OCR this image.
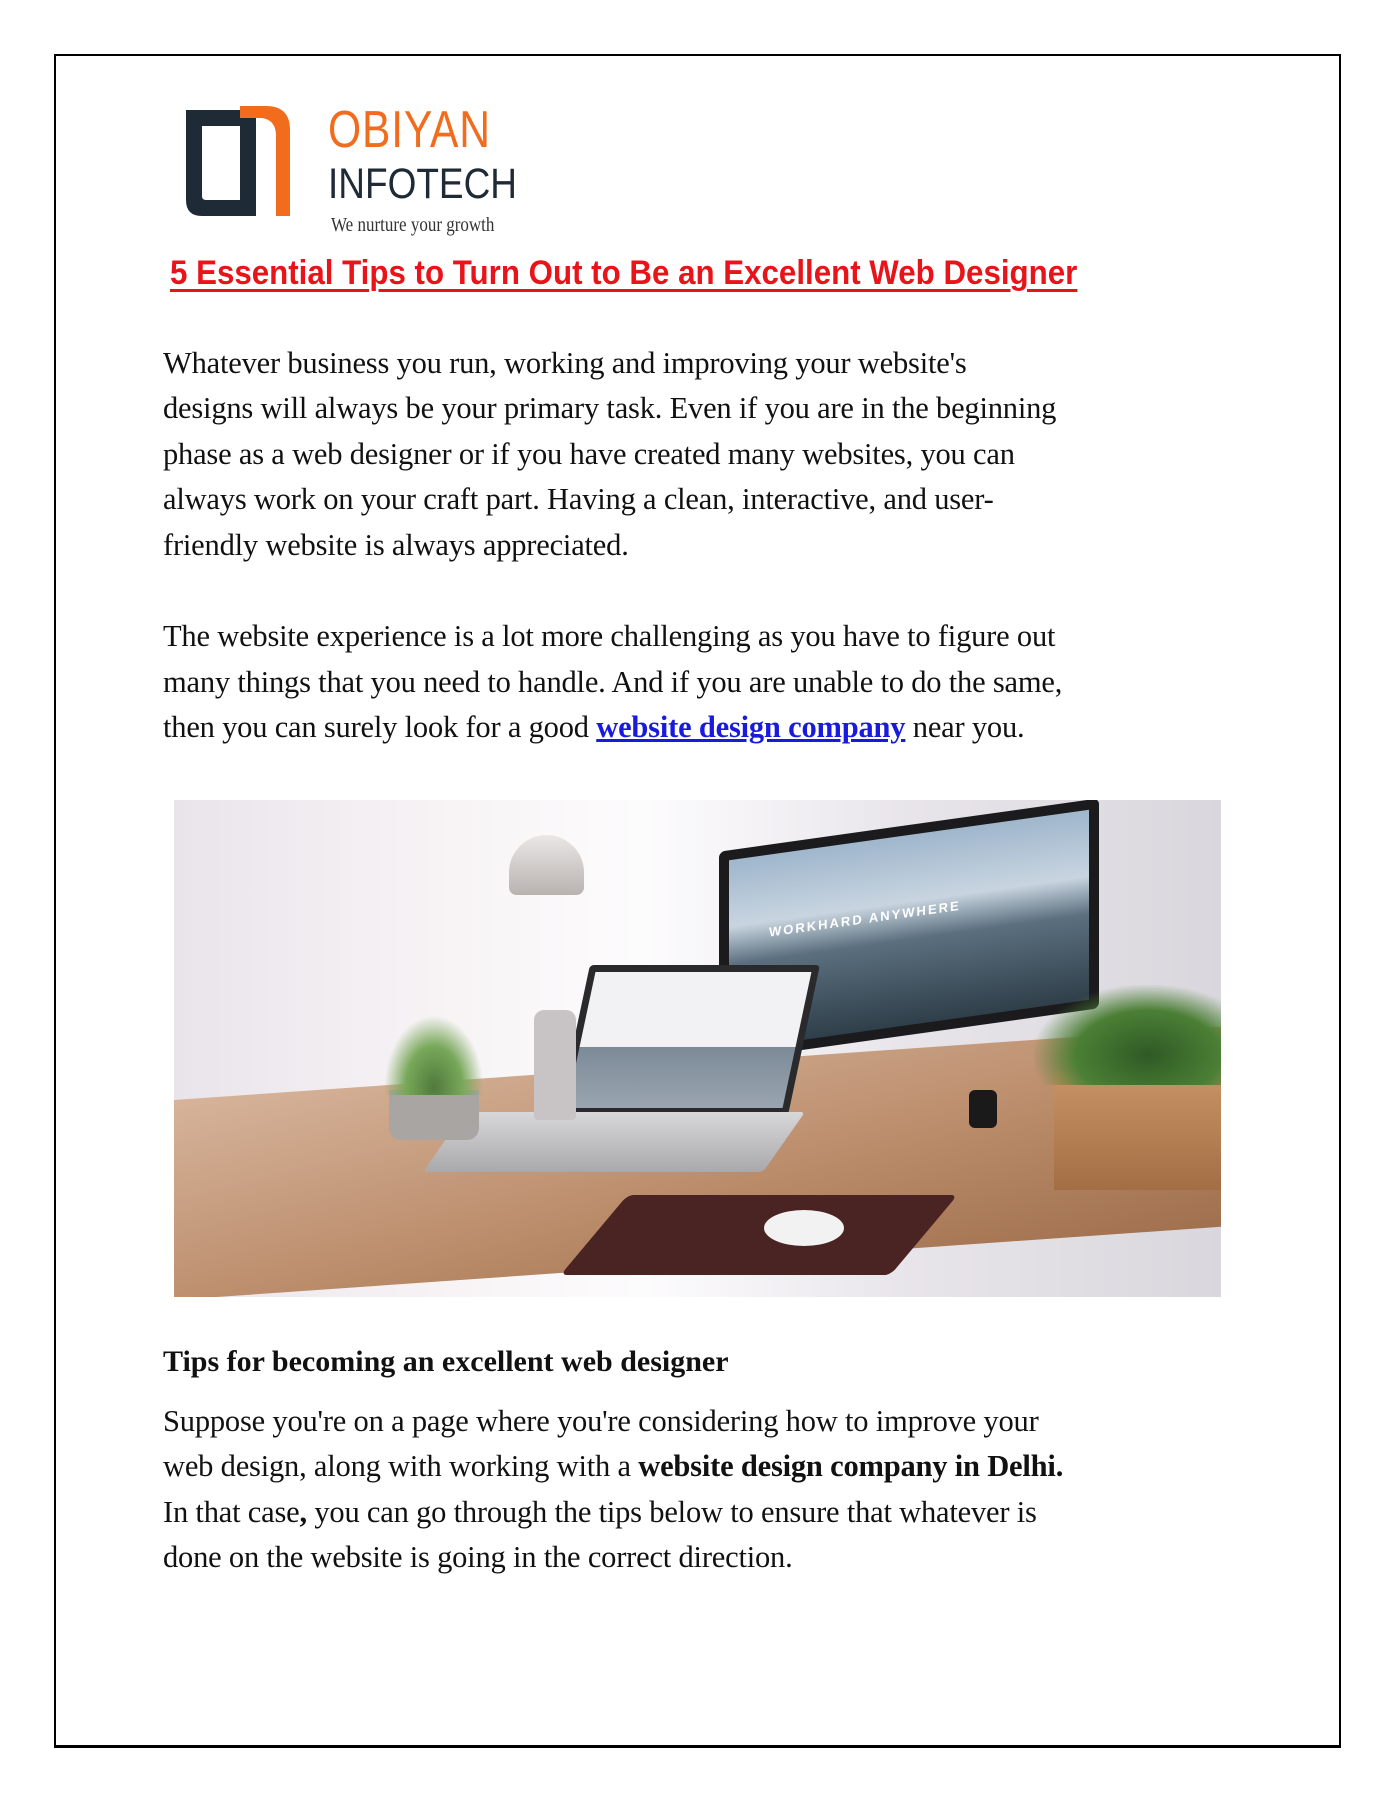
OBIYAN
INFOTECH
We nurture your growth
5 Essential Tips to Turn Out to Be an Excellent Web Designer
Whatever business you run, working and improving your website's
designs will always be your primary task. Even if you are in the beginning
phase as a web designer or if you have created many websites, you can
always work on your craft part. Having a clean, interactive, and user-
friendly website is always appreciated.
The website experience is a lot more challenging as you have to figure out
many things that you need to handle. And if you are unable to do the same,
then you can surely look for a good website design company near you.
WORKHARD ANYWHERE
Tips for becoming an excellent web designer
Suppose you're on a page where you're considering how to improve your
web design, along with working with a website design company in Delhi.
In that case, you can go through the tips below to ensure that whatever is
done on the website is going in the correct direction.
